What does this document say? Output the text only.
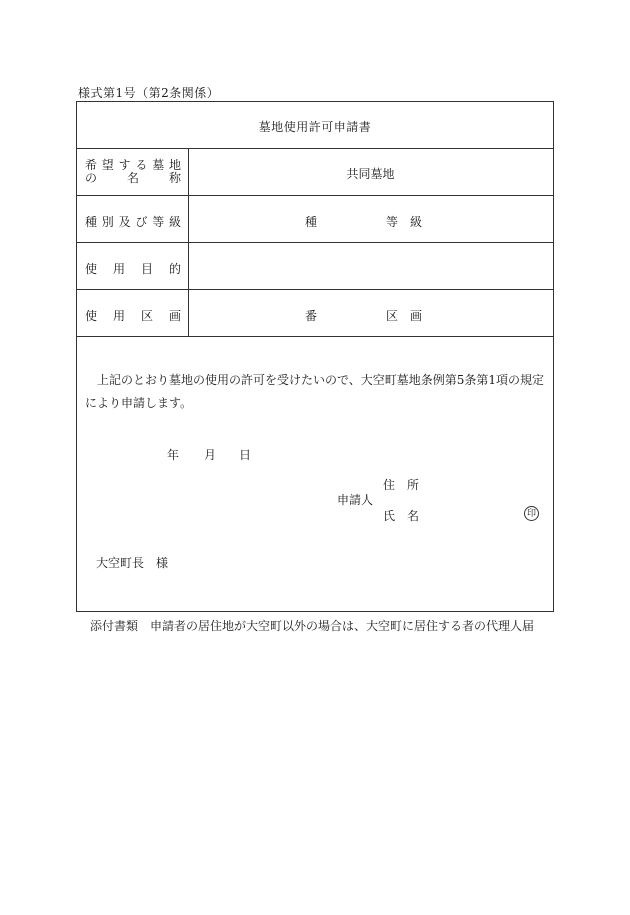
様式第1号（第2条関係）
墓地使用許可申請書
希 望 す る 墓 地
の 名 称	共同墓地
種 別 及 び 等 級	種	等　級
使 用 目 的
使 用 区 画	番	区　画
上記のとおり墓地の使用の許可を受けたいので、大空町墓地条例第5条第1項の規定により申請します。
年 月 日
住　所
申請人
氏　名	印
大空町長　様
添付書類　申請者の居住地が大空町以外の場合は、大空町に居住する者の代理人届
